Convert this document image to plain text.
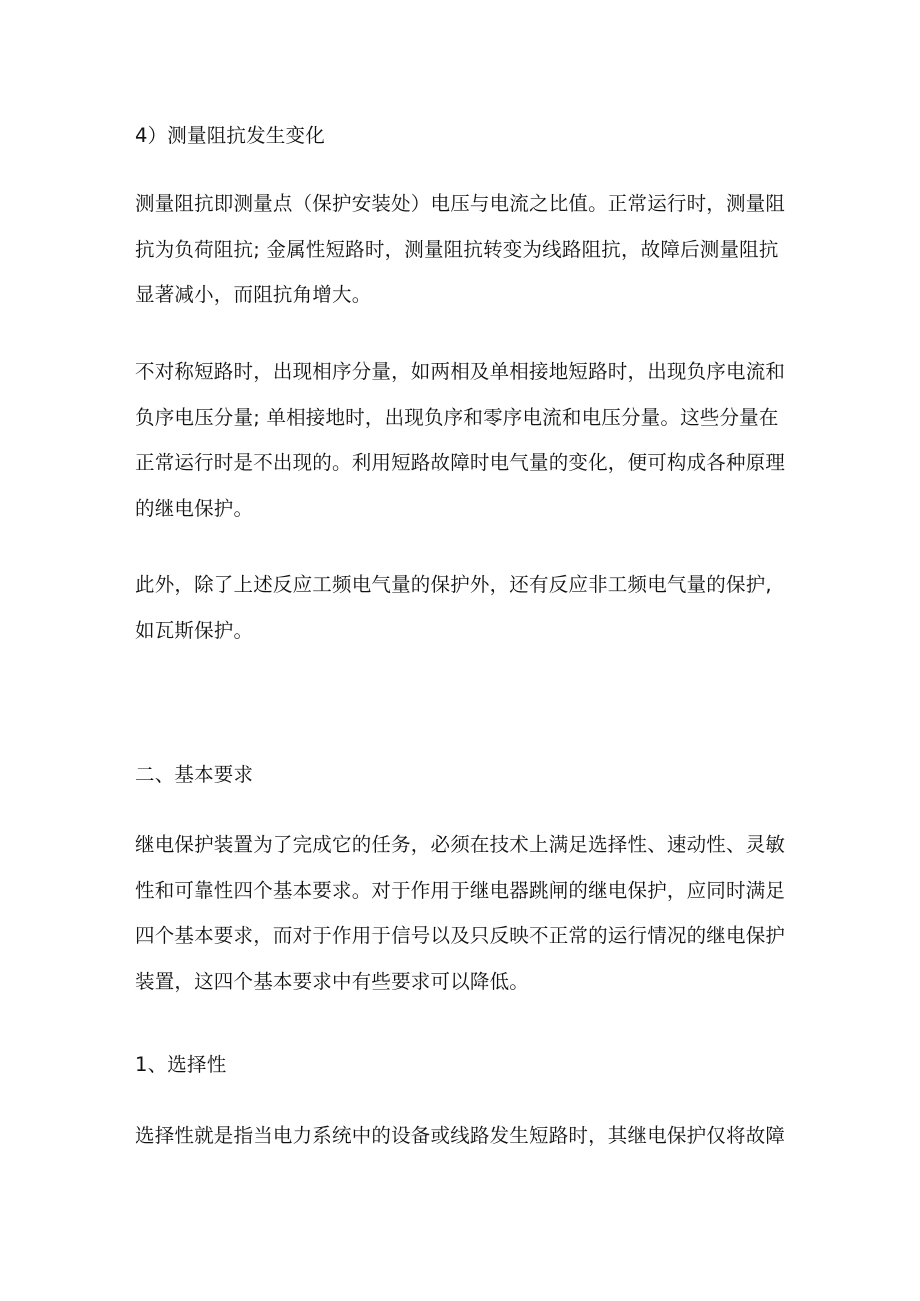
4）测量阻抗发生变化

测量阻抗即测量点（保护安装处）电压与电流之比值。正常运行时，测量阻
抗为负荷阻抗; 金属性短路时，测量阻抗转变为线路阻抗，故障后测量阻抗
显著减小，而阻抗角增大。

不对称短路时，出现相序分量，如两相及单相接地短路时，出现负序电流和
负序电压分量; 单相接地时，出现负序和零序电流和电压分量。这些分量在
正常运行时是不出现的。利用短路故障时电气量的变化，便可构成各种原理
的继电保护。

此外，除了上述反应工频电气量的保护外，还有反应非工频电气量的保护,
如瓦斯保护。

二、基本要求

继电保护装置为了完成它的任务，必须在技术上满足选择性、速动性、灵敏
性和可靠性四个基本要求。对于作用于继电器跳闸的继电保护，应同时满足
四个基本要求，而对于作用于信号以及只反映不正常的运行情况的继电保护
装置，这四个基本要求中有些要求可以降低。

1、选择性

选择性就是指当电力系统中的设备或线路发生短路时，其继电保护仅将故障
